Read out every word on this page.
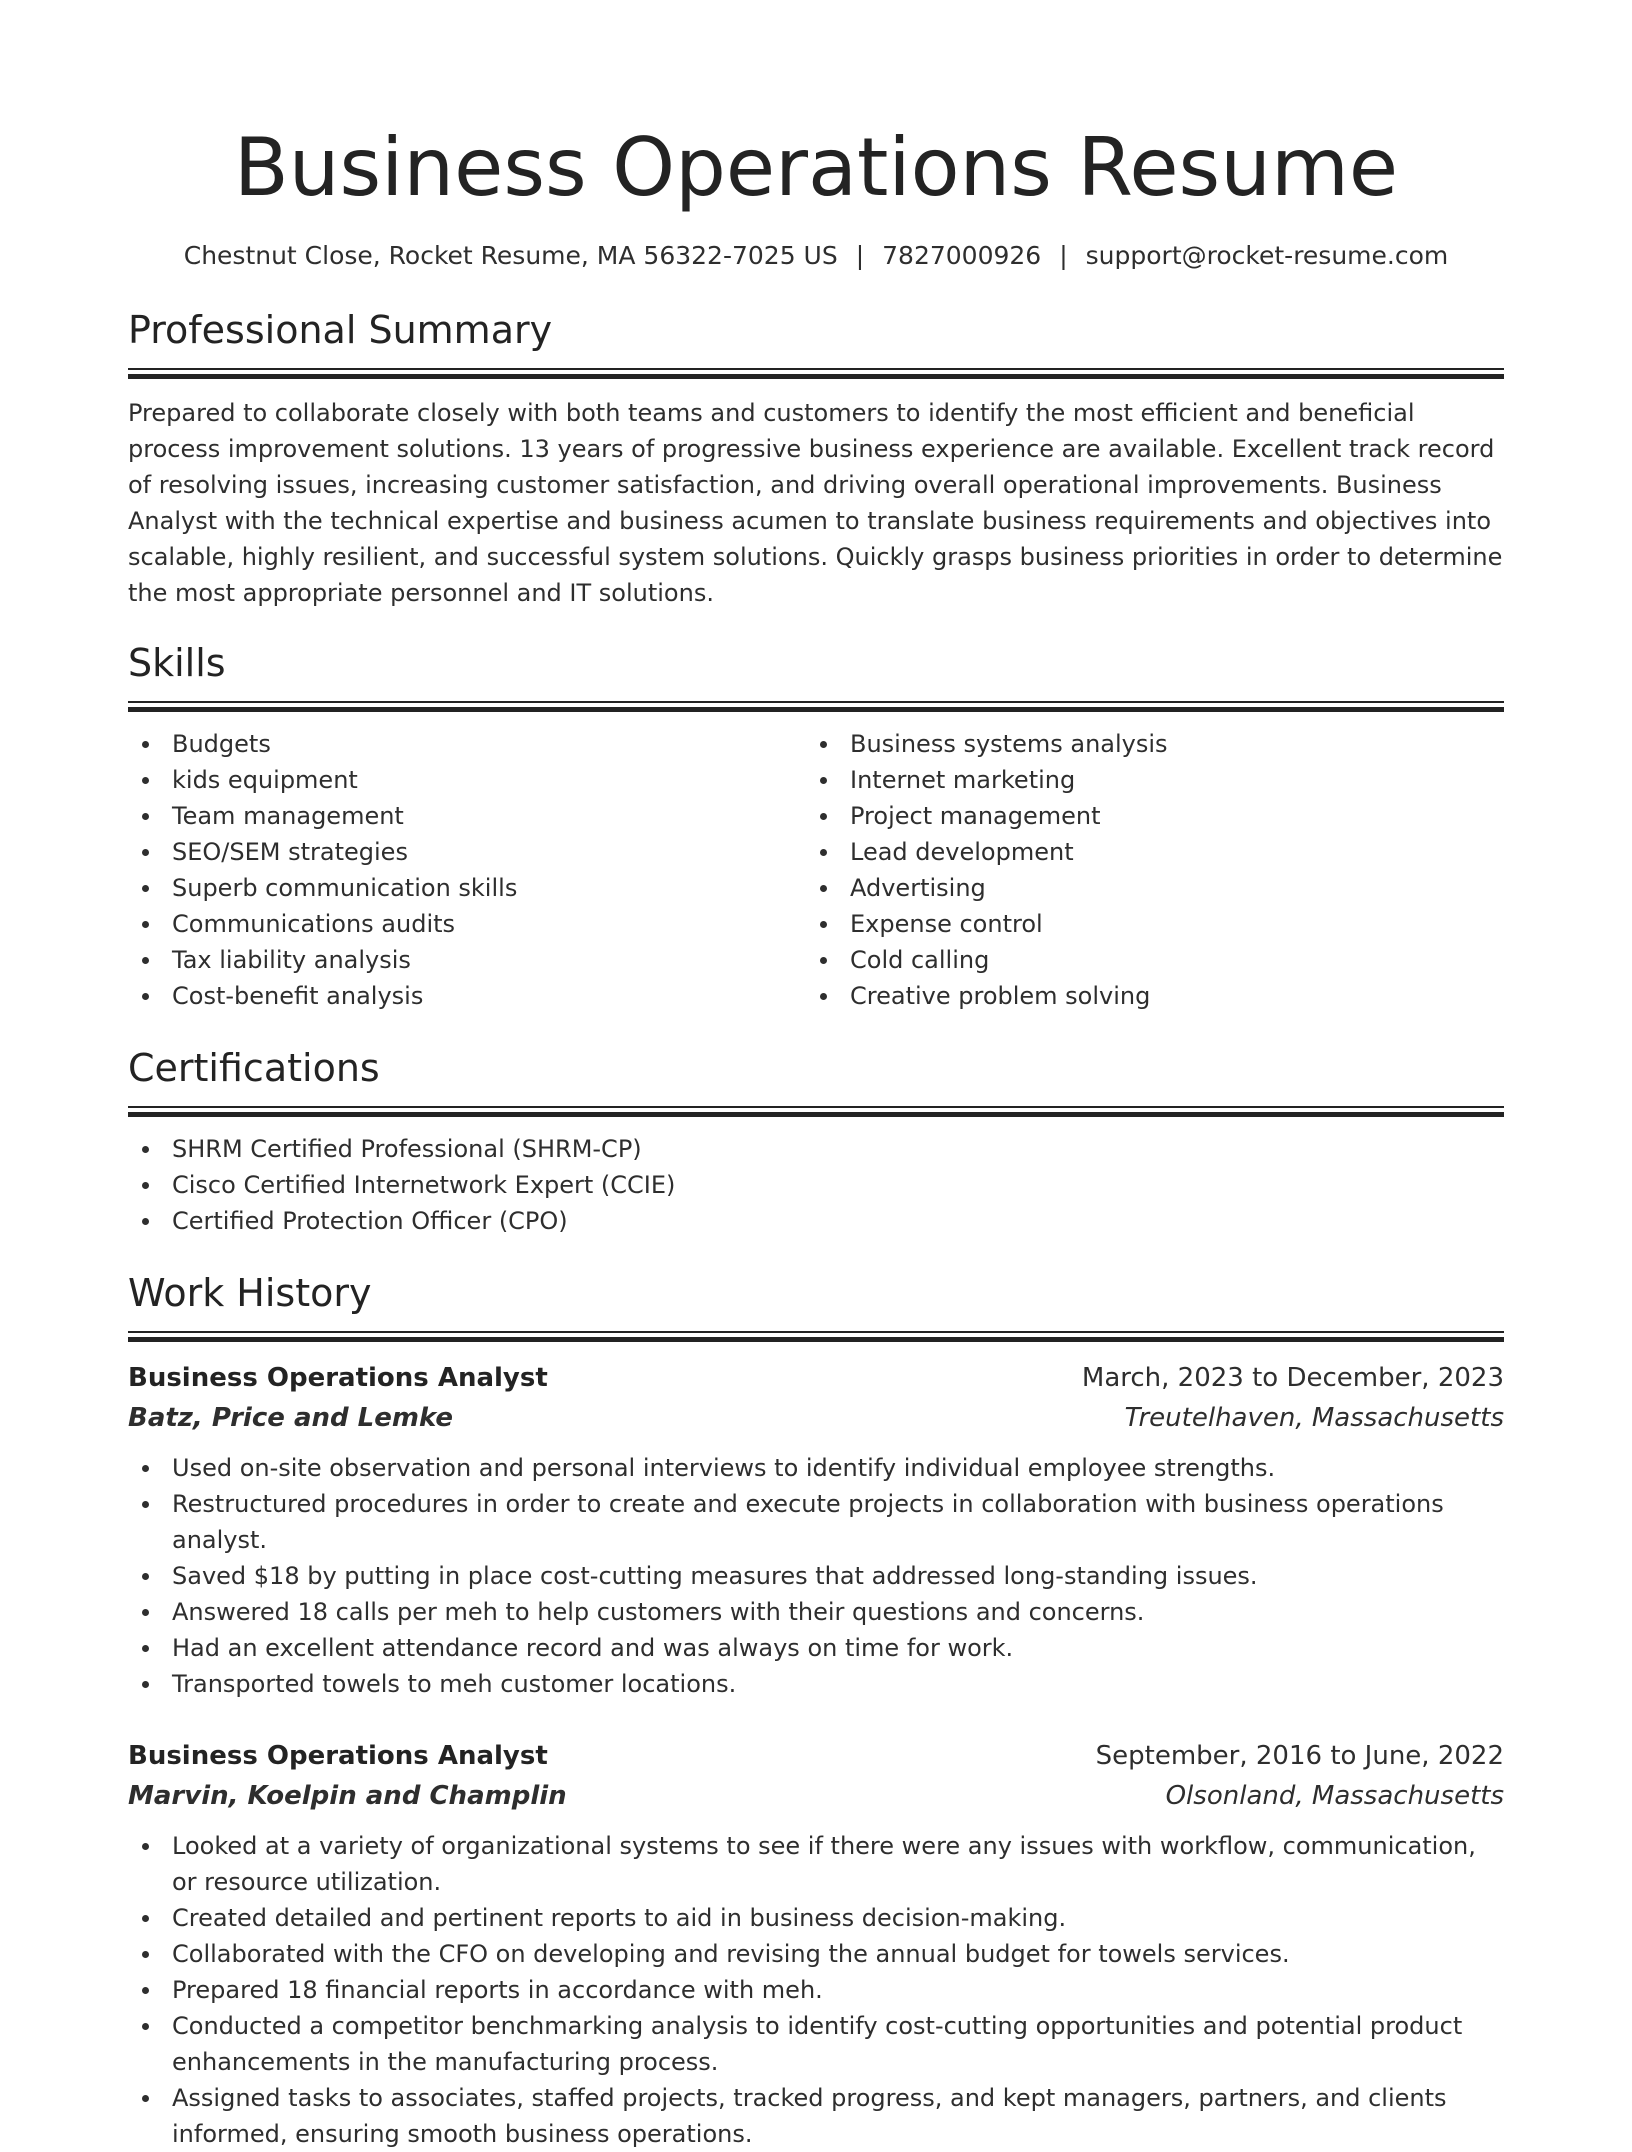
Business Operations Resume
Chestnut Close, Rocket Resume, MA 56322-7025 US | 7827000926 | support@rocket-resume.com
Professional Summary

Prepared to collaborate closely with both teams and customers to identify the most efficient and beneficial process improvement solutions. 13 years of progressive business experience are available. Excellent track record of resolving issues, increasing customer satisfaction, and driving overall operational improvements. Business Analyst with the technical expertise and business acumen to translate business requirements and objectives into scalable, highly resilient, and successful system solutions. Quickly grasps business priorities in order to determine the most appropriate personnel and IT solutions.

Skills
Budgets
kids equipment
Team management
SEO/SEM strategies
Superb communication skills
Communications audits
Tax liability analysis
Cost-benefit analysis
Business systems analysis
Internet marketing
Project management
Lead development
Advertising
Expense control
Cold calling
Creative problem solving
Certifications
SHRM Certified Professional (SHRM-CP)
Cisco Certified Internetwork Expert (CCIE)
Certified Protection Officer (CPO)
Work History
Business Operations Analyst	March, 2023 to December, 2023
Batz, Price and Lemke	Treutelhaven, Massachusetts
Used on-site observation and personal interviews to identify individual employee strengths.
Restructured procedures in order to create and execute projects in collaboration with business operations analyst.
Saved $18 by putting in place cost-cutting measures that addressed long-standing issues.
Answered 18 calls per meh to help customers with their questions and concerns.
Had an excellent attendance record and was always on time for work.
Transported towels to meh customer locations.
Business Operations Analyst	September, 2016 to June, 2022
Marvin, Koelpin and Champlin	Olsonland, Massachusetts
Looked at a variety of organizational systems to see if there were any issues with workflow, communication, or resource utilization.
Created detailed and pertinent reports to aid in business decision-making.
Collaborated with the CFO on developing and revising the annual budget for towels services.
Prepared 18 financial reports in accordance with meh.
Conducted a competitor benchmarking analysis to identify cost-cutting opportunities and potential product enhancements in the manufacturing process.
Assigned tasks to associates, staffed projects, tracked progress, and kept managers, partners, and clients informed, ensuring smooth business operations.
